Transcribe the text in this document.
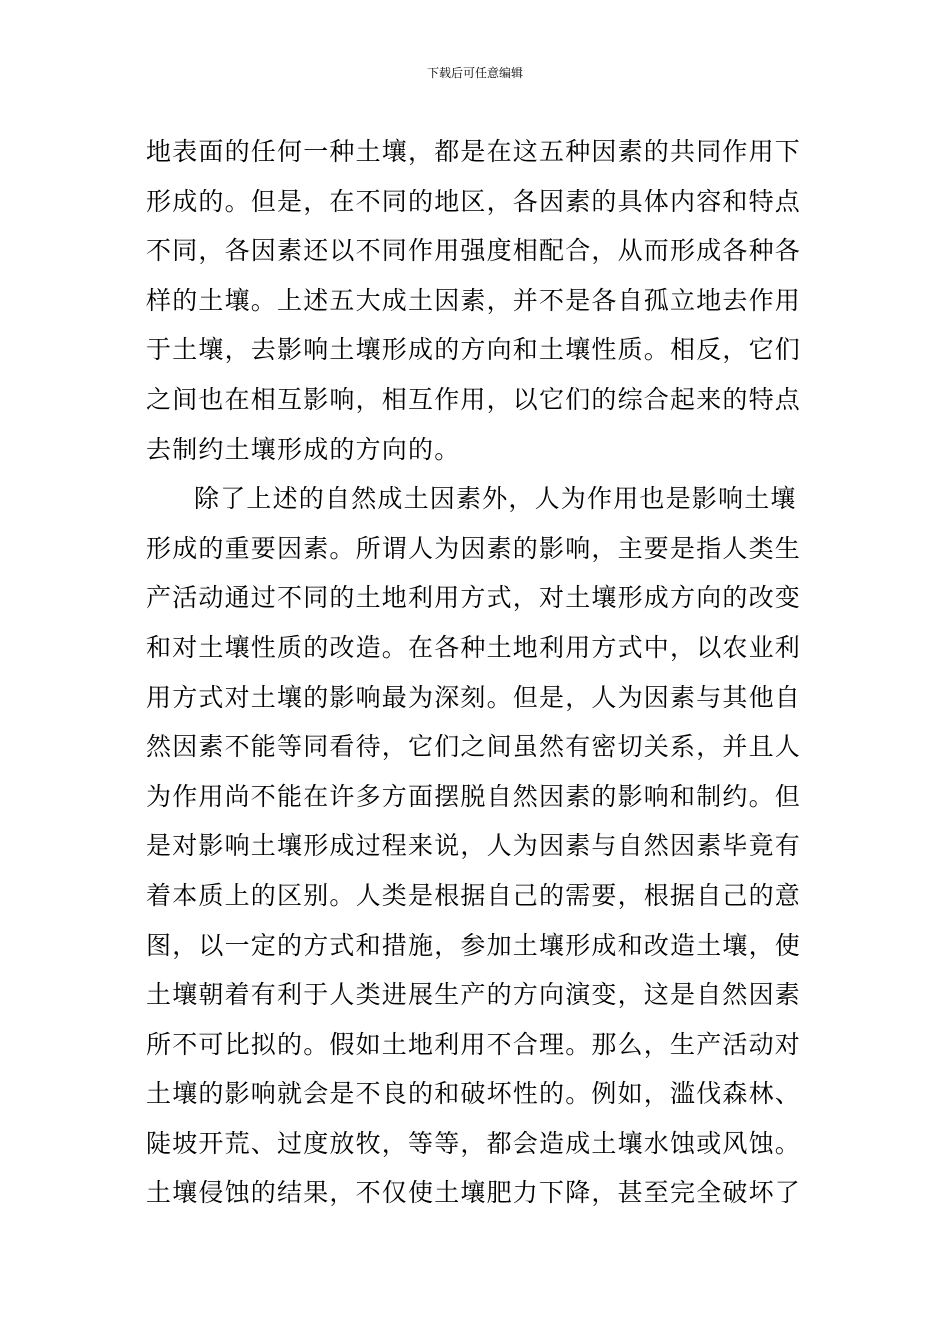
下载后可任意编辑
地表面的任何一种土壤，都是在这五种因素的共同作用下
形成的。但是，在不同的地区，各因素的具体内容和特点
不同，各因素还以不同作用强度相配合，从而形成各种各
样的土壤。上述五大成土因素，并不是各自孤立地去作用
于土壤，去影响土壤形成的方向和土壤性质。相反，它们
之间也在相互影响，相互作用，以它们的综合起来的特点
去制约土壤形成的方向的。
除了上述的自然成土因素外，人为作用也是影响土壤
形成的重要因素。所谓人为因素的影响，主要是指人类生
产活动通过不同的土地利用方式，对土壤形成方向的改变
和对土壤性质的改造。在各种土地利用方式中，以农业利
用方式对土壤的影响最为深刻。但是，人为因素与其他自
然因素不能等同看待，它们之间虽然有密切关系，并且人
为作用尚不能在许多方面摆脱自然因素的影响和制约。但
是对影响土壤形成过程来说，人为因素与自然因素毕竟有
着本质上的区别。人类是根据自己的需要，根据自己的意
图，以一定的方式和措施，参加土壤形成和改造土壤，使
土壤朝着有利于人类进展生产的方向演变，这是自然因素
所不可比拟的。假如土地利用不合理。那么，生产活动对
土壤的影响就会是不良的和破坏性的。例如，滥伐森林、
陡坡开荒、过度放牧，等等，都会造成土壤水蚀或风蚀。
土壤侵蚀的结果，不仅使土壤肥力下降，甚至完全破坏了
